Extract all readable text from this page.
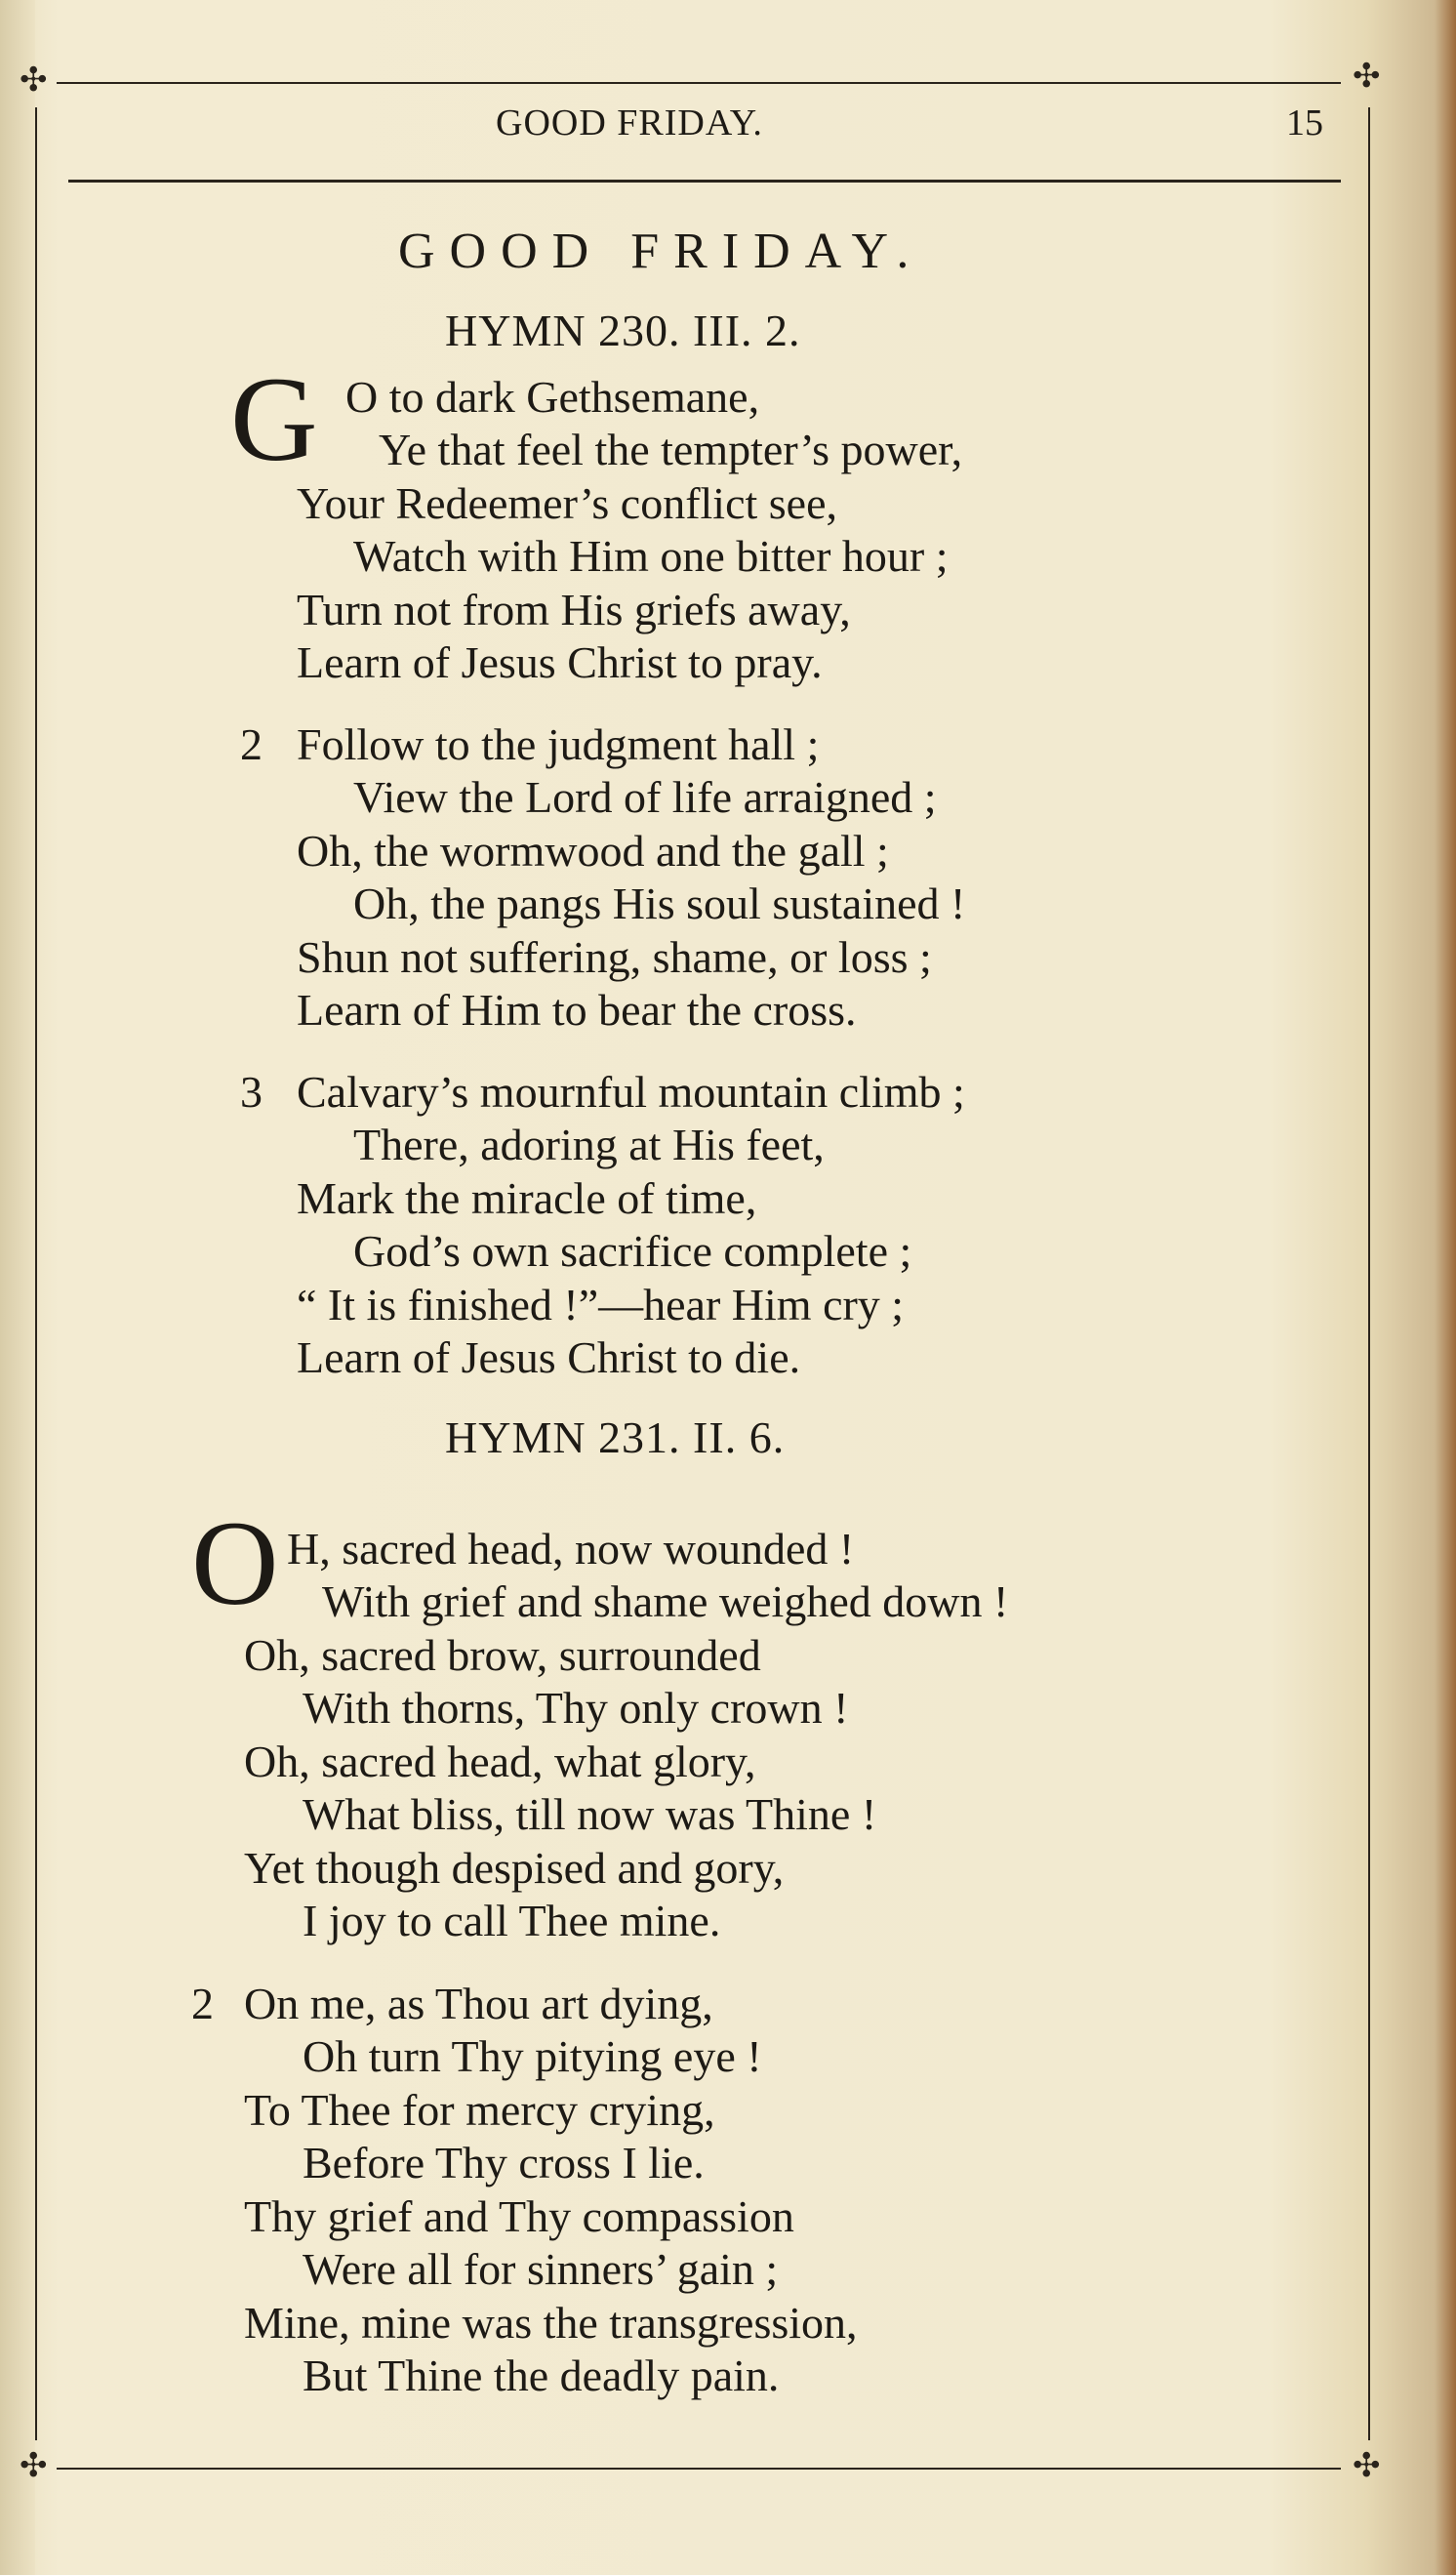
✣	✣
✣	✣
GOOD FRIDAY.	15
GOOD FRIDAY.
HYMN 230. III. 2.
G O to dark Gethsemane,
Ye that feel the tempter’s power,
Your Redeemer’s conflict see,
Watch with Him one bitter hour ;
Turn not from His griefs away,
Learn of Jesus Christ to pray.
2 Follow to the judgment hall ;
View the Lord of life arraigned ;
Oh, the wormwood and the gall ;
Oh, the pangs His soul sustained !
Shun not suffering, shame, or loss ;
Learn of Him to bear the cross.
3 Calvary’s mournful mountain climb ;
There, adoring at His feet,
Mark the miracle of time,
God’s own sacrifice complete ;
“ It is finished !”—hear Him cry ;
Learn of Jesus Christ to die.
HYMN 231. II. 6.
O H, sacred head, now wounded !
With grief and shame weighed down !
Oh, sacred brow, surrounded
With thorns, Thy only crown !
Oh, sacred head, what glory,
What bliss, till now was Thine !
Yet though despised and gory,
I joy to call Thee mine.
2 On me, as Thou art dying,
Oh turn Thy pitying eye !
To Thee for mercy crying,
Before Thy cross I lie.
Thy grief and Thy compassion
Were all for sinners’ gain ;
Mine, mine was the transgression,
But Thine the deadly pain.
